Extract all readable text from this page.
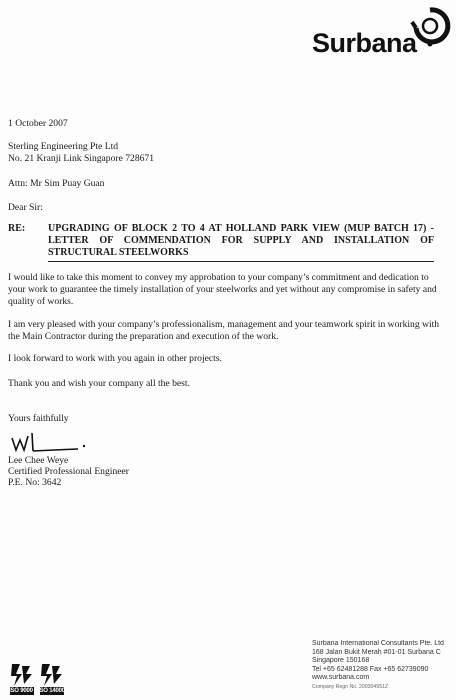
Surbana
1 October 2007
Sterling Engineering Pte Ltd
No. 21 Kranji Link Singapore 728671
Attn: Mr Sim Puay Guan
Dear Sir:
RE: UPGRADING OF BLOCK 2 TO 4 AT HOLLAND PARK VIEW (MUP BATCH 17) -LETTER OF COMMENDATION FOR SUPPLY AND INSTALLATION OF STRUCTURAL STEELWORKS
I would like to take this moment to convey my approbation to your company’s commitment and dedication to your work to guarantee the timely installation of your steelworks and yet without any compromise in safety and quality of works.
I am very pleased with your company’s professionalism, management and your teamwork spirit in working with the Main Contractor during the preparation and execution of the work.
I look forward to work with you again in other projects.
Thank you and wish your company all the best.
Yours faithfully
Lee Chee Weye
Certified Professional Engineer
P.E. No: 3642
ISO 9000 ISO 14000
Surbana International Consultants Pte. Ltd
168 Jalan Bukit Merah #01-01 Surbana C
Singapore 150168
Tel +65 62481288 Fax +65 62739090
www.surbana.com
Company Regn No. 200304951Z
